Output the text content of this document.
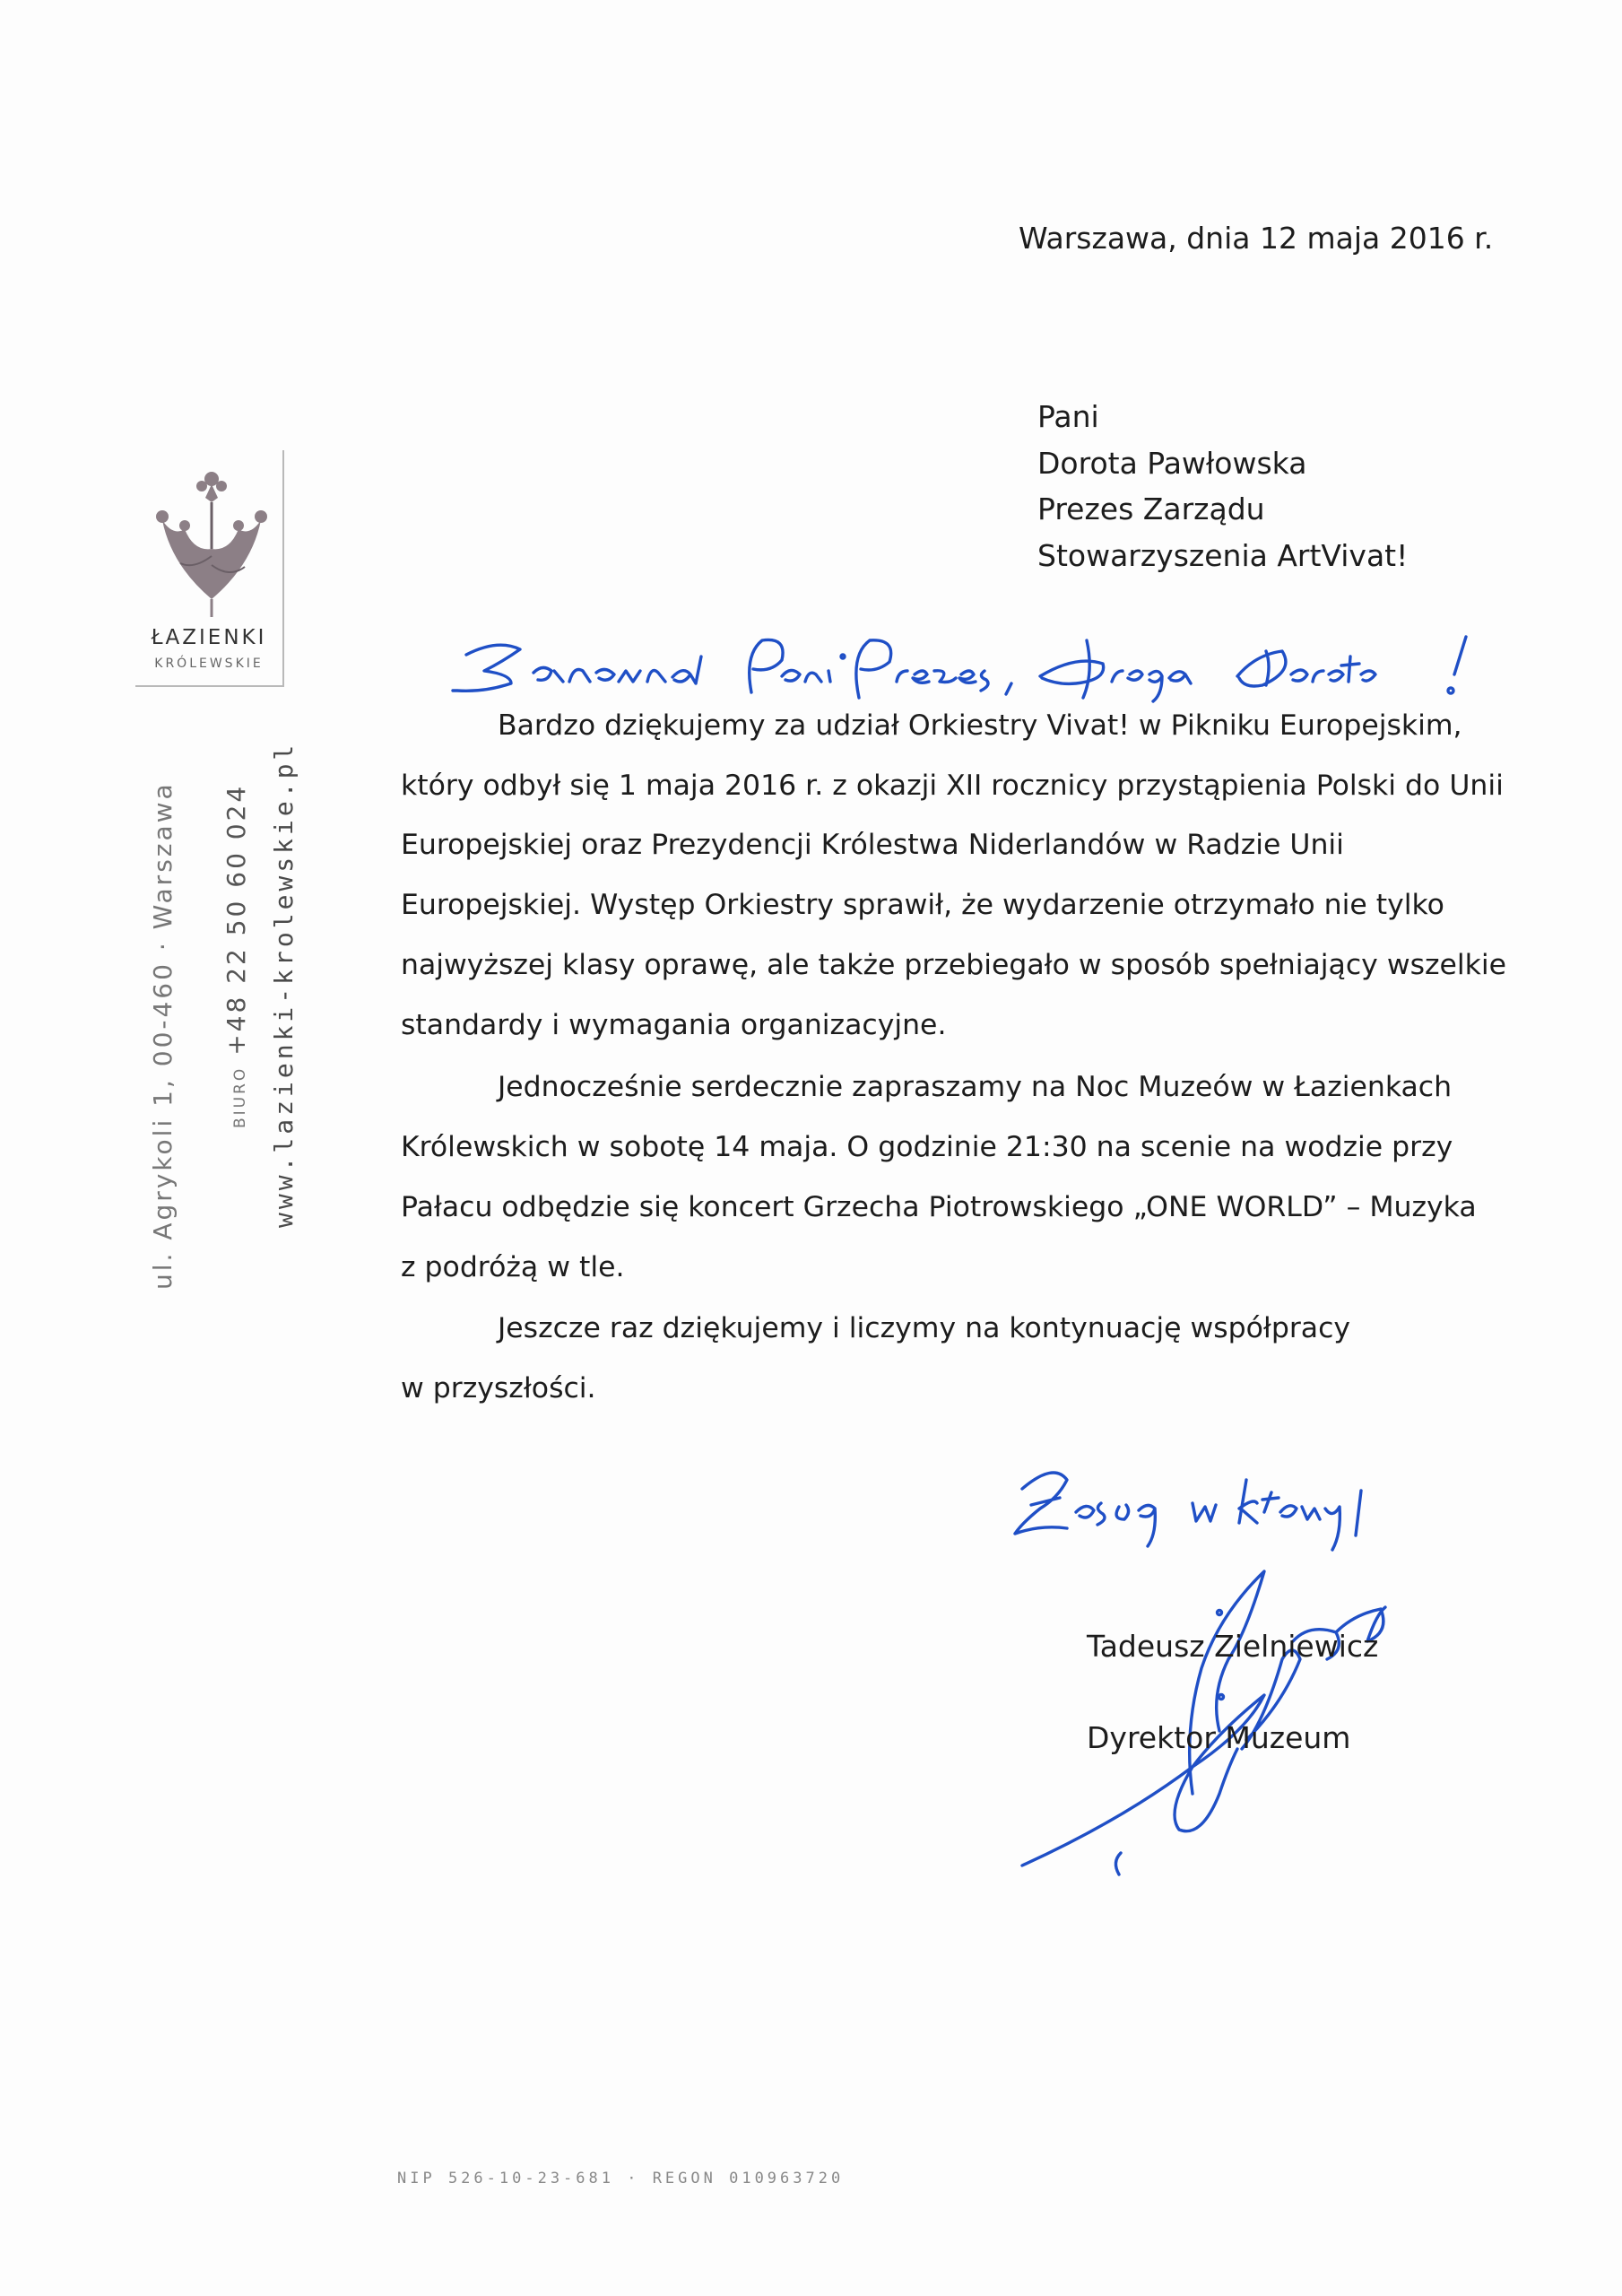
ŁAZIENKI
KRÓLEWSKIE
ul. Agrykoli 1, 00-460 · Warszawa	BIURO +48 22 50 60 024 www.lazienki-krolewskie.pl
Warszawa, dnia 12 maja 2016 r.
Pani
Dorota Pawłowska
Prezes Zarządu
Stowarzyszenia ArtVivat!
Bardzo dziękujemy za udział Orkiestry Vivat! w Pikniku Europejskim,
który odbył się 1 maja 2016 r. z okazji XII rocznicy przystąpienia Polski do Unii
Europejskiej oraz Prezydencji Królestwa Niderlandów w Radzie Unii
Europejskiej. Występ Orkiestry sprawił, że wydarzenie otrzymało nie tylko
najwyższej klasy oprawę, ale także przebiegało w sposób spełniający wszelkie
standardy i wymagania organizacyjne.
Jednocześnie serdecznie zapraszamy na Noc Muzeów w Łazienkach
Królewskich w sobotę 14 maja. O godzinie 21:30 na scenie na wodzie przy
Pałacu odbędzie się koncert Grzecha Piotrowskiego „ONE WORLD” – Muzyka
z podróżą w tle.
Jeszcze raz dziękujemy i liczymy na kontynuację współpracy
w przyszłości.
Tadeusz Zielniewicz
Dyrektor Muzeum
NIP 526-10-23-681 · REGON 010963720
